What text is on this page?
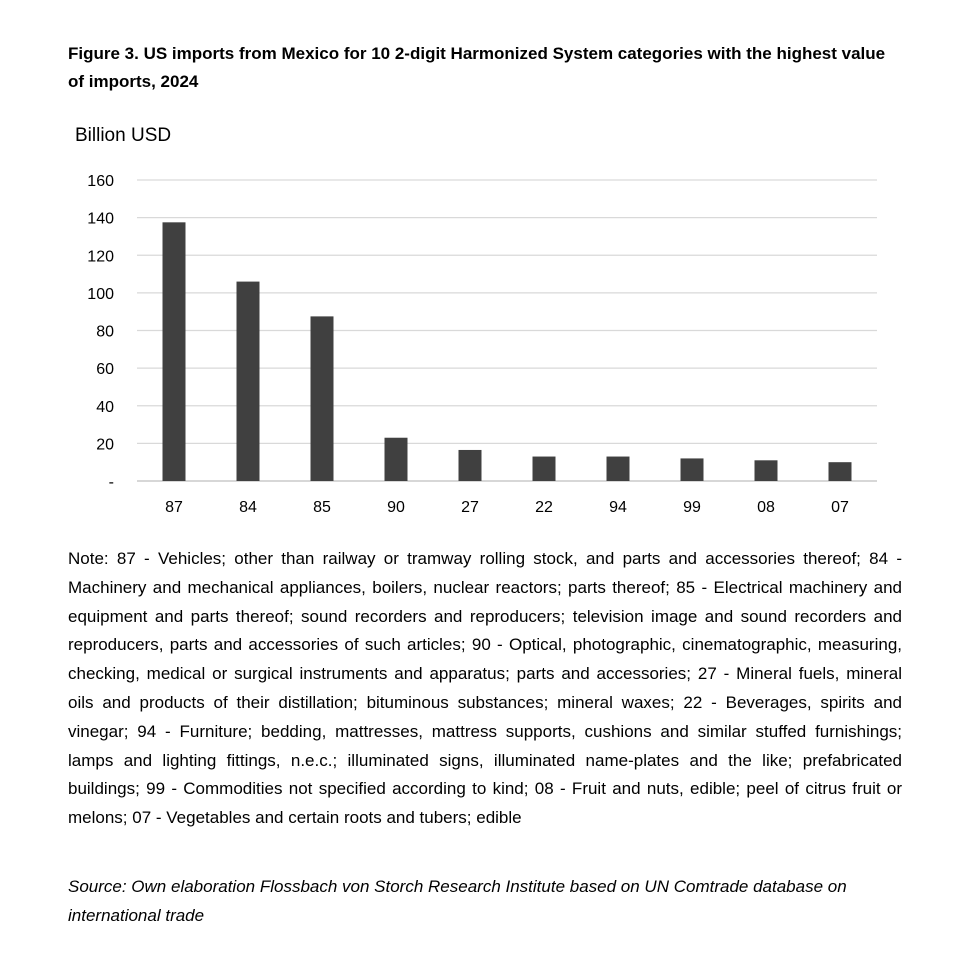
Figure 3. US imports from Mexico for 10 2-digit Harmonized System categories with the highest value of imports, 2024
Billion USD
-
20
40
60
80
100
120
140
160
87	84	85	90	27	22	94	99	08	07
Note: 87 - Vehicles; other than railway or tramway rolling stock, and parts and accessories thereof; 84 - Machinery and mechanical appliances, boilers, nuclear reactors; parts thereof; 85 - Electrical machinery and equipment and parts thereof; sound recorders and reproducers; television image and sound recorders and reproducers, parts and accessories of such articles; 90 - Optical, photographic, cinematographic, measuring, checking, medical or surgical instruments and apparatus; parts and accessories; 27 - Mineral fuels, mineral oils and products of their distillation; bituminous substances; mineral waxes; 22 - Beverages, spirits and vinegar; 94 - Furniture; bedding, mattresses, mattress supports, cushions and similar stuffed furnishings; lamps and lighting fittings, n.e.c.; illuminated signs, illuminated name-plates and the like; prefabricated buildings; 99 - Commodities not specified according to kind; 08 - Fruit and nuts, edible; peel of citrus fruit or melons; 07 - Vegetables and certain roots and tubers; edible
Source: Own elaboration Flossbach von Storch Research Institute based on UN Comtrade database on international trade
